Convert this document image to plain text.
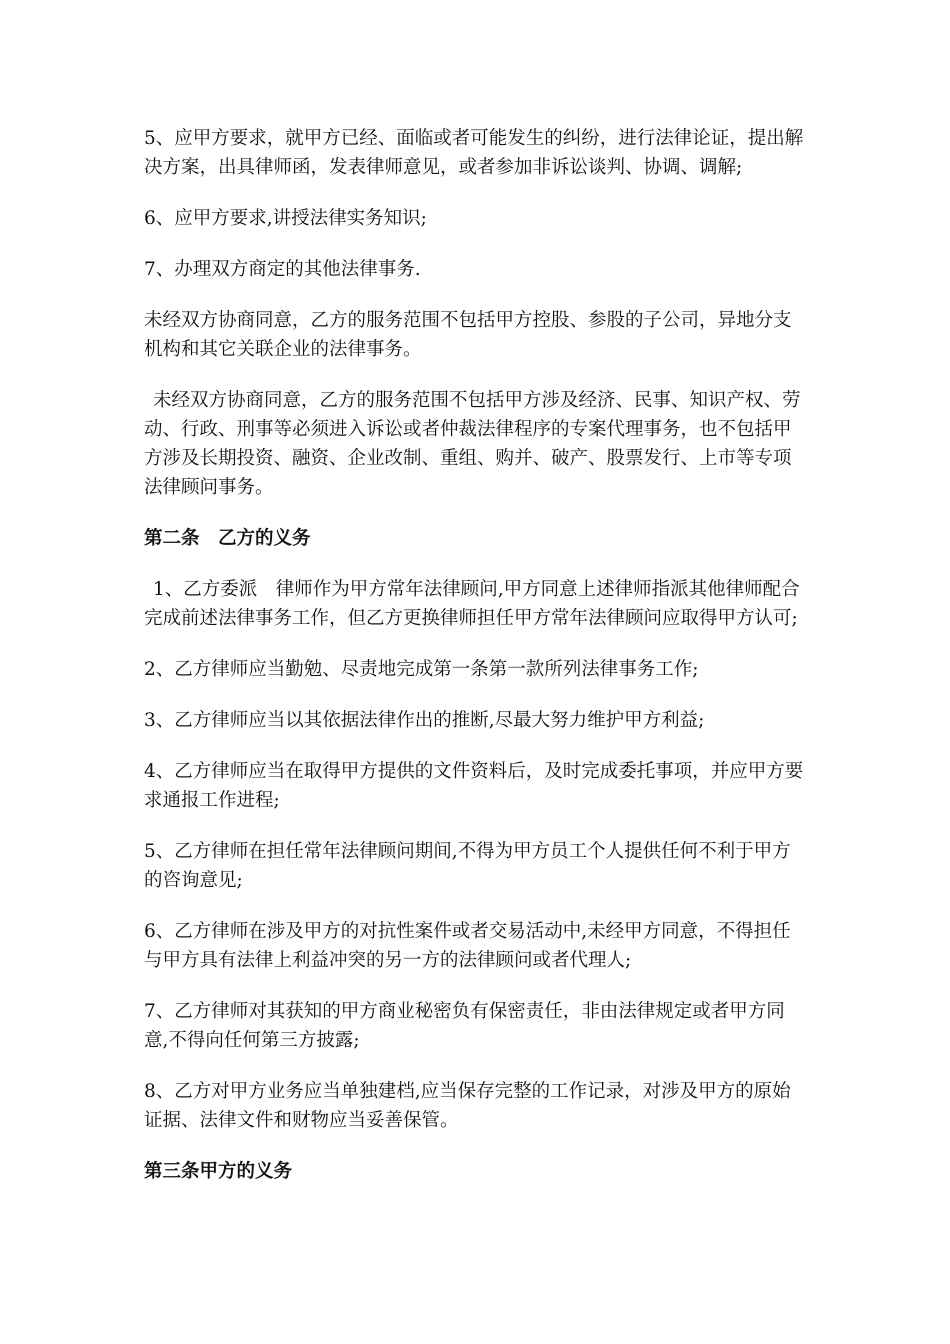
5、应甲方要求，就甲方已经、面临或者可能发生的纠纷，进行法律论证，提出解决方案，出具律师函，发表律师意见，或者参加非诉讼谈判、协调、调解;

6、应甲方要求,讲授法律实务知识;

7、办理双方商定的其他法律事务.

未经双方协商同意，乙方的服务范围不包括甲方控股、参股的子公司，异地分支机构和其它关联企业的法律事务。

未经双方协商同意，乙方的服务范围不包括甲方涉及经济、民事、知识产权、劳动、行政、刑事等必须进入诉讼或者仲裁法律程序的专案代理事务，也不包括甲方涉及长期投资、融资、企业改制、重组、购并、破产、股票发行、上市等专项法律顾问事务。

第二条　乙方的义务

1、乙方委派　律师作为甲方常年法律顾问,甲方同意上述律师指派其他律师配合完成前述法律事务工作，但乙方更换律师担任甲方常年法律顾问应取得甲方认可;

2、乙方律师应当勤勉、尽责地完成第一条第一款所列法律事务工作;

3、乙方律师应当以其依据法律作出的推断,尽最大努力维护甲方利益;

4、乙方律师应当在取得甲方提供的文件资料后，及时完成委托事项，并应甲方要求通报工作进程;

5、乙方律师在担任常年法律顾问期间,不得为甲方员工个人提供任何不利于甲方的咨询意见;

6、乙方律师在涉及甲方的对抗性案件或者交易活动中,未经甲方同意，不得担任与甲方具有法律上利益冲突的另一方的法律顾问或者代理人;

7、乙方律师对其获知的甲方商业秘密负有保密责任，非由法律规定或者甲方同意,不得向任何第三方披露;

8、乙方对甲方业务应当单独建档,应当保存完整的工作记录，对涉及甲方的原始证据、法律文件和财物应当妥善保管。

第三条甲方的义务
